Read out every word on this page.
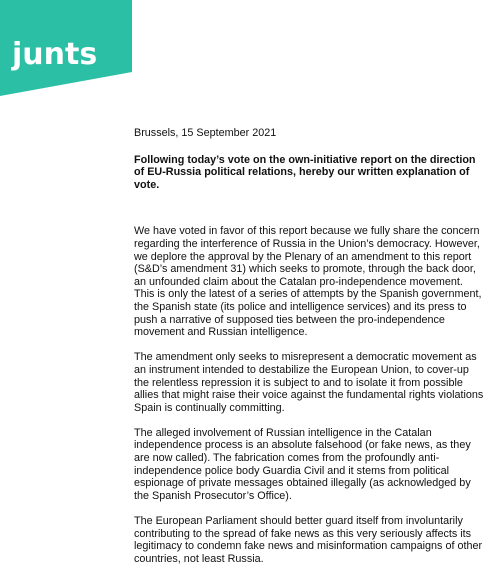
junts

Brussels, 15 September 2021

Following today’s vote on the own-initiative report on the direction of EU-Russia political relations, hereby our written explanation of vote.

We have voted in favor of this report because we fully share the concern regarding the interference of Russia in the Union’s democracy. However, we deplore the approval by the Plenary of an amendment to this report (S&D’s amendment 31) which seeks to promote, through the back door, an unfounded claim about the Catalan pro-independence movement. This is only the latest of a series of attempts by the Spanish government, the Spanish state (its police and intelligence services) and its press to push a narrative of supposed ties between the pro-independence movement and Russian intelligence.

The amendment only seeks to misrepresent a democratic movement as an instrument intended to destabilize the European Union, to cover-up the relentless repression it is subject to and to isolate it from possible allies that might raise their voice against the fundamental rights violations Spain is continually committing.

The alleged involvement of Russian intelligence in the Catalan independence process is an absolute falsehood (or fake news, as they are now called). The fabrication comes from the profoundly anti-independence police body Guardia Civil and it stems from political espionage of private messages obtained illegally (as acknowledged by the Spanish Prosecutor’s Office).

The European Parliament should better guard itself from involuntarily contributing to the spread of fake news as this very seriously affects its legitimacy to condemn fake news and misinformation campaigns of other countries, not least Russia.
